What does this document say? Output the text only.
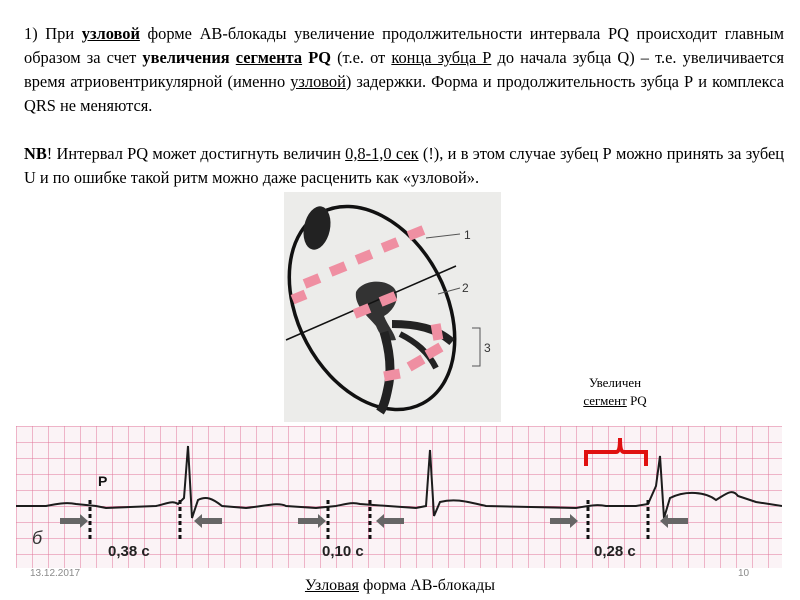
1) При узловой форме АВ-блокады увеличение продолжительности интервала PQ происходит главным образом за счет увеличения сегмента PQ (т.е. от конца зубца Р до начала зубца Q) – т.е. увеличивается время атриовентрикулярной (именно узловой) задержки. Форма и продолжительность зубца Р и комплекса QRS не меняются.
NB! Интервал PQ может достигнуть величин 0,8-1,0 сек (!), и в этом случае зубец Р можно принять за зубец U и по ошибке такой ритм можно даже расценить как «узловой».
1
2
3
Увеличен
сегмент PQ
P
б
0,38 с	0,10 с	0,28 с
13.12.2017	10
Узловая форма АВ-блокады
